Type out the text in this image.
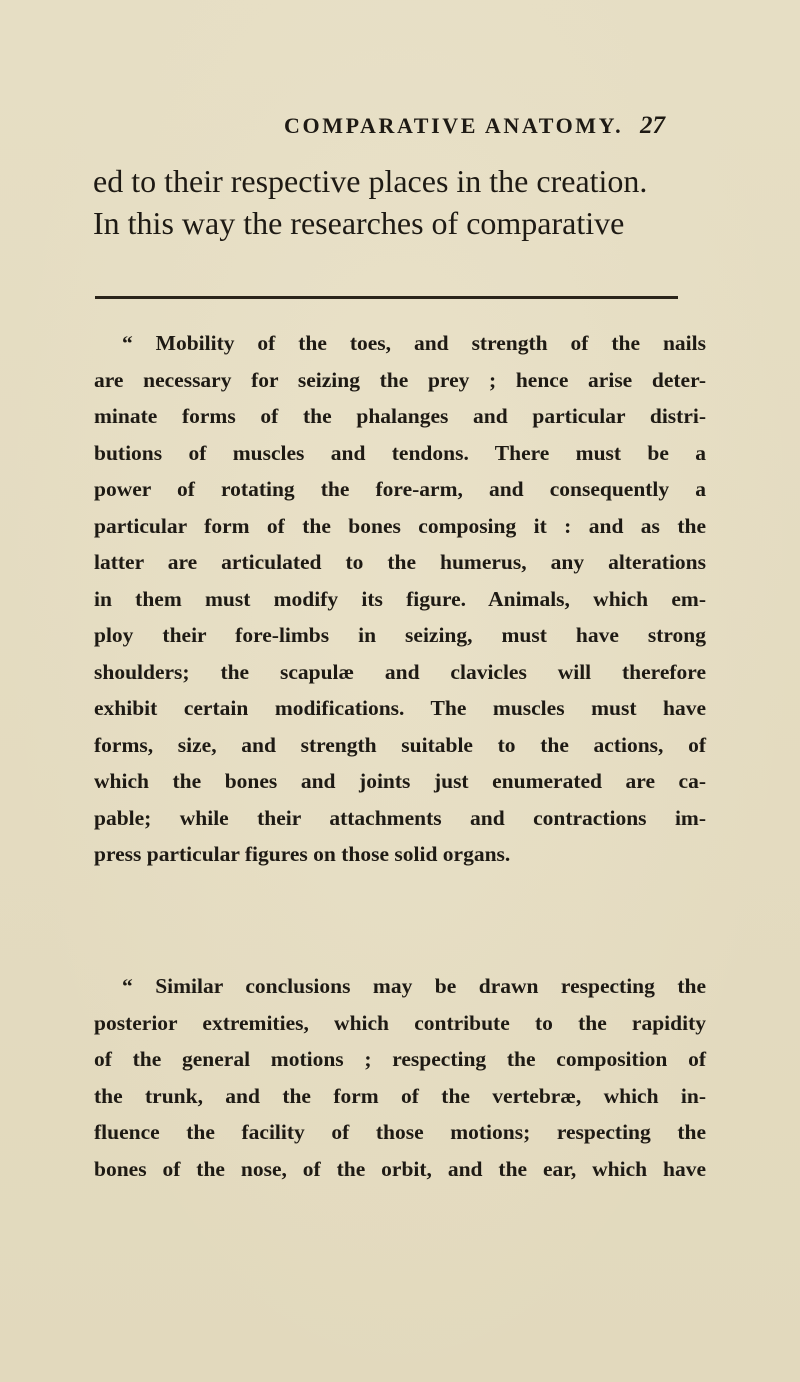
COMPARATIVE ANATOMY. 27
ed to their respective places in the creation.
In this way the researches of comparative
“ Mobility of the toes, and strength of the nails
are necessary for seizing the prey ; hence arise deter-
minate forms of the phalanges and particular distri-
butions of muscles and tendons. There must be a
power of rotating the fore-arm, and consequently a
particular form of the bones composing it : and as the
latter are articulated to the humerus, any alterations
in them must modify its figure. Animals, which em-
ploy their fore-limbs in seizing, must have strong
shoulders; the scapulæ and clavicles will therefore
exhibit certain modifications. The muscles must have
forms, size, and strength suitable to the actions, of
which the bones and joints just enumerated are ca-
pable; while their attachments and contractions im-
press particular figures on those solid organs.
“ Similar conclusions may be drawn respecting the
posterior extremities, which contribute to the rapidity
of the general motions ; respecting the composition of
the trunk, and the form of the vertebræ, which in-
fluence the facility of those motions; respecting the
bones of the nose, of the orbit, and the ear, which have
